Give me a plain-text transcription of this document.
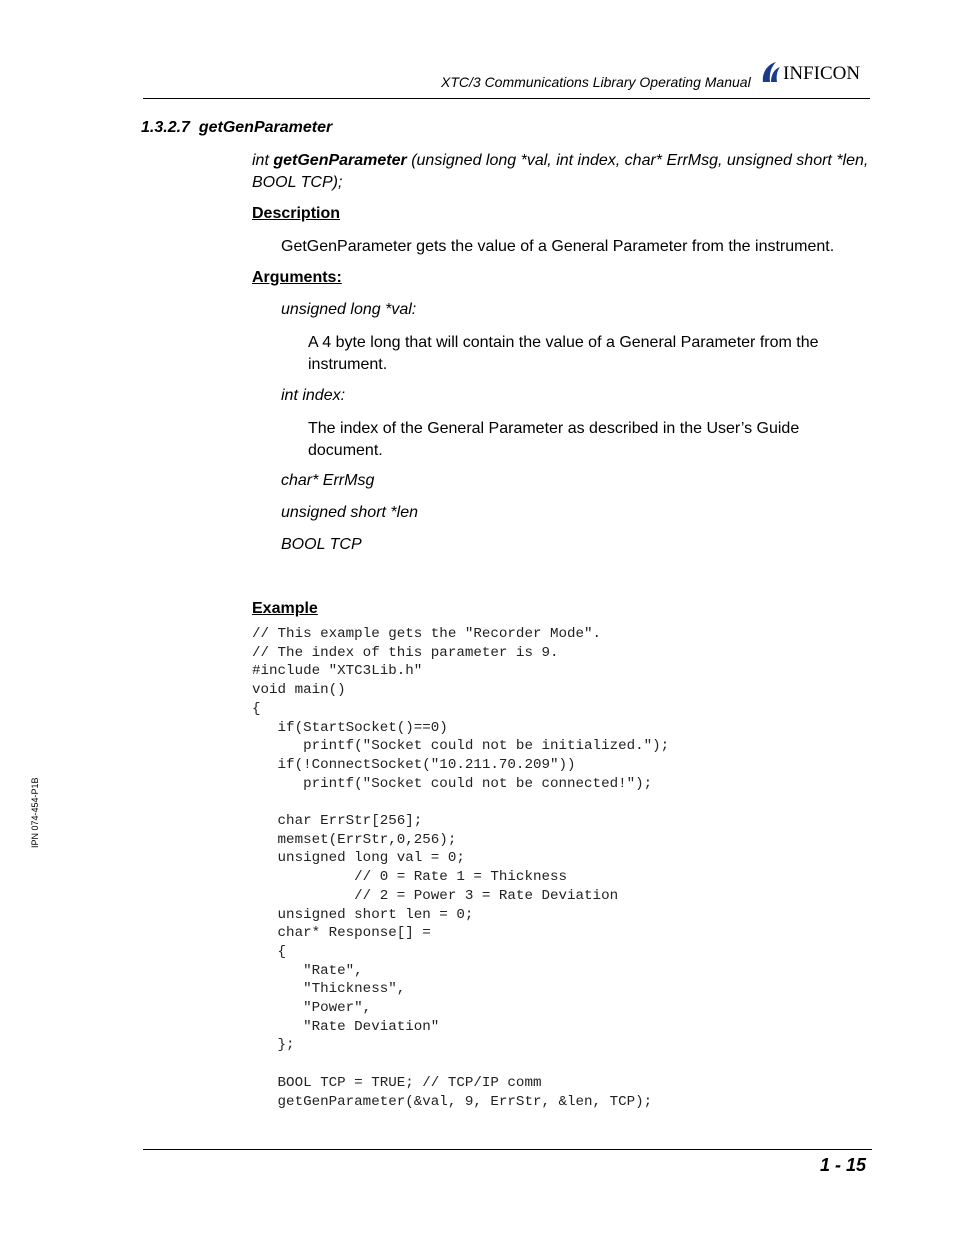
XTC/3 Communications Library Operating Manual INFICON
1.3.2.7 getGenParameter
int getGenParameter (unsigned long *val, int index, char* ErrMsg, unsigned short *len, BOOL TCP);
Description
GetGenParameter gets the value of a General Parameter from the instrument.
Arguments:
unsigned long *val:
A 4 byte long that will contain the value of a General Parameter from the instrument.
int index:
The index of the General Parameter as described in the User’s Guide document.
char* ErrMsg
unsigned short *len
BOOL TCP
Example
// This example gets the "Recorder Mode".
// The index of this parameter is 9.
#include "XTC3Lib.h"
void main()
{
if(StartSocket()==0)
printf("Socket could not be initialized.");
if(!ConnectSocket("10.211.70.209"))
printf("Socket could not be connected!");

char ErrStr[256];
memset(ErrStr,0,256);
unsigned long val = 0;
// 0 = Rate 1 = Thickness
// 2 = Power 3 = Rate Deviation
unsigned short len = 0;
char* Response[] =
{
"Rate",
"Thickness",
"Power",
"Rate Deviation"
};

BOOL TCP = TRUE; // TCP/IP comm
getGenParameter(&val, 9, ErrStr, &len, TCP);
IPN 074-454-P1B
1 - 15
